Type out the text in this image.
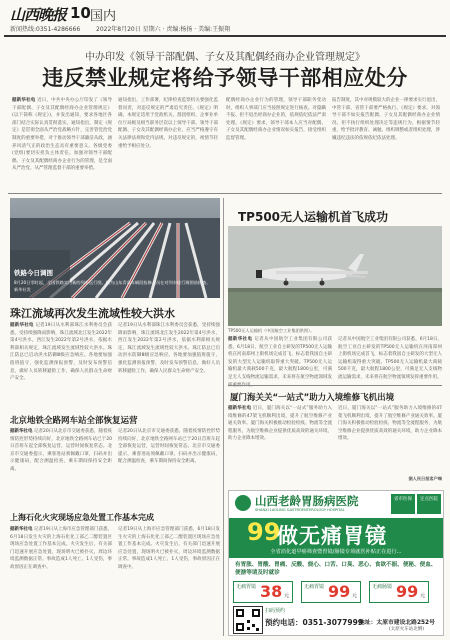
山西晚报 10 国内
新闻热线:0351-4286666	2022年8月20日 星期六 · 责编:杨扬 · 美编:王振翔
中办印发《领导干部配偶、子女及其配偶经商办企业管理规定》
违反禁业规定将给予领导干部相应处分
据新华社电 近日，中共中央办公厅印发了《领导干部配偶、子女及其配偶经商办企业管理规定》(以下简称《规定》)，并发出通知，要求各地区各部门结合实际认真贯彻落实。通知指出，制定《规定》是贯彻全面从严治党战略方针，完善管党治党制度的重要举措，对于推动领导干部廉洁从政，涵养风清气正的政治生态具有重要意义。各级党委(党组)要切实担负主体责任。加强对领导干部配偶、子女及其配偶经商办企业行为的管理，是全面从严治党、从严管理监督干部的重要举措。
通知指出，工作部署，纪律检查监察机关要强化监督问责，对违反规定的严肃追究责任。《规定》明确，本规定适用于党政机关、群团组织、企事业单位厅局级及相当职务层次以上领导干部。领导干部配偶、子女及其配偶经商办企业，应当严格遵守有关法律法规和党内法规。对违反规定的，视情节轻重给予相应处分。
配偶经商办企业行为的管理，领导干部职务变动时，组织人事部门应当按照规定进行核查。对隐瞒不报、拒不退出经商办企业的，依规依纪依法严肃处理。《规定》要求，领导干部本人应当对配偶、子女及其配偶经商办企业情况如实报告，接受组织监督管理。
报告制度，其中对规模较大的企业一律要求实行退出，中管干部、省管干部要严格执行。《规定》要求，对领导干部不如实报告配偶、子女及其配偶经商办企业情况、拒不执行组织处理决定等违规行为，根据情节轻重，给予批评教育、诫勉、组织调整或者组织处理，涉嫌违纪违法的依规依纪依法处理。
铁路今日调图
8月20日零时起，全国铁路实行新的列车运行图。图为山东青岛车辆段检修人员在对列车进行调图前检查。新华社发
珠江流域再次发生流域性较大洪水
据新华社电 记者19日从水利部珠江水利委员会获悉，受持续强降雨影响，珠江流域北江发生2022年第4号洪水，西江发生2022年第2号洪水，依据水利部相关规定，珠江流域发生流域性较大洪水。珠江防总已启动洪水防御Ⅲ级应急响应。各地要加强值班值守，强化监测预报预警，及时发布预警信息，做好人员转移避险工作，确保人民群众生命财产安全。
记者19日从水利部珠江水利委员会获悉，受持续强降雨影响，珠江流域北江发生2022年第4号洪水，西江发生2022年第2号洪水，依据水利部相关规定，珠江流域发生流域性较大洪水。珠江防总已启动洪水防御Ⅲ级应急响应。各地要加强值班值守，强化监测预报预警，及时发布预警信息，做好人员转移避险工作，确保人民群众生命财产安全。
北京地铁全路网车站全部恢复运营
据新华社电 记者20日从北京市交通委获悉，随着疫情防控形势持续向好，北京地铁全路网车站已于20日首班车起全部恢复运营，运营时间恢复常态。北京市交通委提示，乘客进站须佩戴口罩，扫码并出示健康码，配合测温检查，乘车期间保持安全距离。
记者20日从北京市交通委获悉，随着疫情防控形势持续向好，北京地铁全路网车站已于20日首班车起全部恢复运营，运营时间恢复常态。北京市交通委提示，乘客进站须佩戴口罩，扫码并出示健康码，配合测温检查，乘车期间保持安全距离。
上海石化火灾现场应急处置工作基本完成
据新华社电 记者19日从上海市应急管理部门获悉，6月18日发生火灾的上海石化化工部乙二醇装置区现场应急处置工作基本完成。火灾发生后，有关部门迅速开展应急处置，现场明火已被扑灭，周边环境监测数据正常。事故造成1人死亡、1人受伤，事故原因正在调查中。
记者19日从上海市应急管理部门获悉，6月18日发生火灾的上海石化化工部乙二醇装置区现场应急处置工作基本完成。火灾发生后，有关部门迅速开展应急处置，现场明火已被扑灭，周边环境监测数据正常。事故造成1人死亡、1人受伤，事故原因正在调查中。
TP500无人运输机首飞成功
TP500无人运输机（中国航空工业集团供图）。
据新华社电 记者从中国航空工业集团有限公司获悉，6月18日，航空工业自主研发的TP500无人运输机在河南郑州上街机场完成首飞，标志着我国自主研发的大型无人运输机取得重大突破。TP500无人运输机最大商载500千克，最大航程1800公里，可满足无人支线物流运输需求，未来将在航空物流领域发
记者从中国航空工业集团有限公司获悉，6月18日，航空工业自主研发的TP500无人运输机在河南郑州上街机场完成首飞，标志着我国自主研发的大型无人运输机取得重大突破。TP500无人运输机最大商载500千克，最大航程1800公里，可满足无人支线物流运输需求，未来将在航空物流领域发挥重要作用。
厦门海关关“一站式”助力入境维修飞机出境
据新华社电 近日，厦门海关以“一站式”服务助力入境维修的47架飞机顺利出境，提升了航空维修产业通关效率。厦门海关积极推动检验检疫、物流等全流程服务，为航空维修企业提供优质高效的通关环境，助力企业降本增效。
近日，厦门海关以“一站式”服务助力入境维修的47架飞机顺利出境，提升了航空维修产业通关效率。厦门海关积极推动检验检疫、物流等全流程服务，为航空维修企业提供优质高效的通关环境，助力企业降本增效。
据人民日报客户端
山西老龄胃肠病医院
SHANXI LAOLING GASTROENTEROLOGY HOSPITAL
省市医保	定点医院
99
做无痛胃镜
全省消化道早癌筛查暨胃镜/肠镜专项就医补贴正在进行...
有胃胀、胃酸、胃痛、反酸、烧心、口苦、口臭、恶心、食欲不振、便秘、便血、便溏等请及时就诊
无痛胃镜 38 元
无痛胃镜 99 元
无痛肠镜 99 元
扫码预约
预约电话：0351-3077999
地址：太原市建设北路252号
(太原火车站北侧)
